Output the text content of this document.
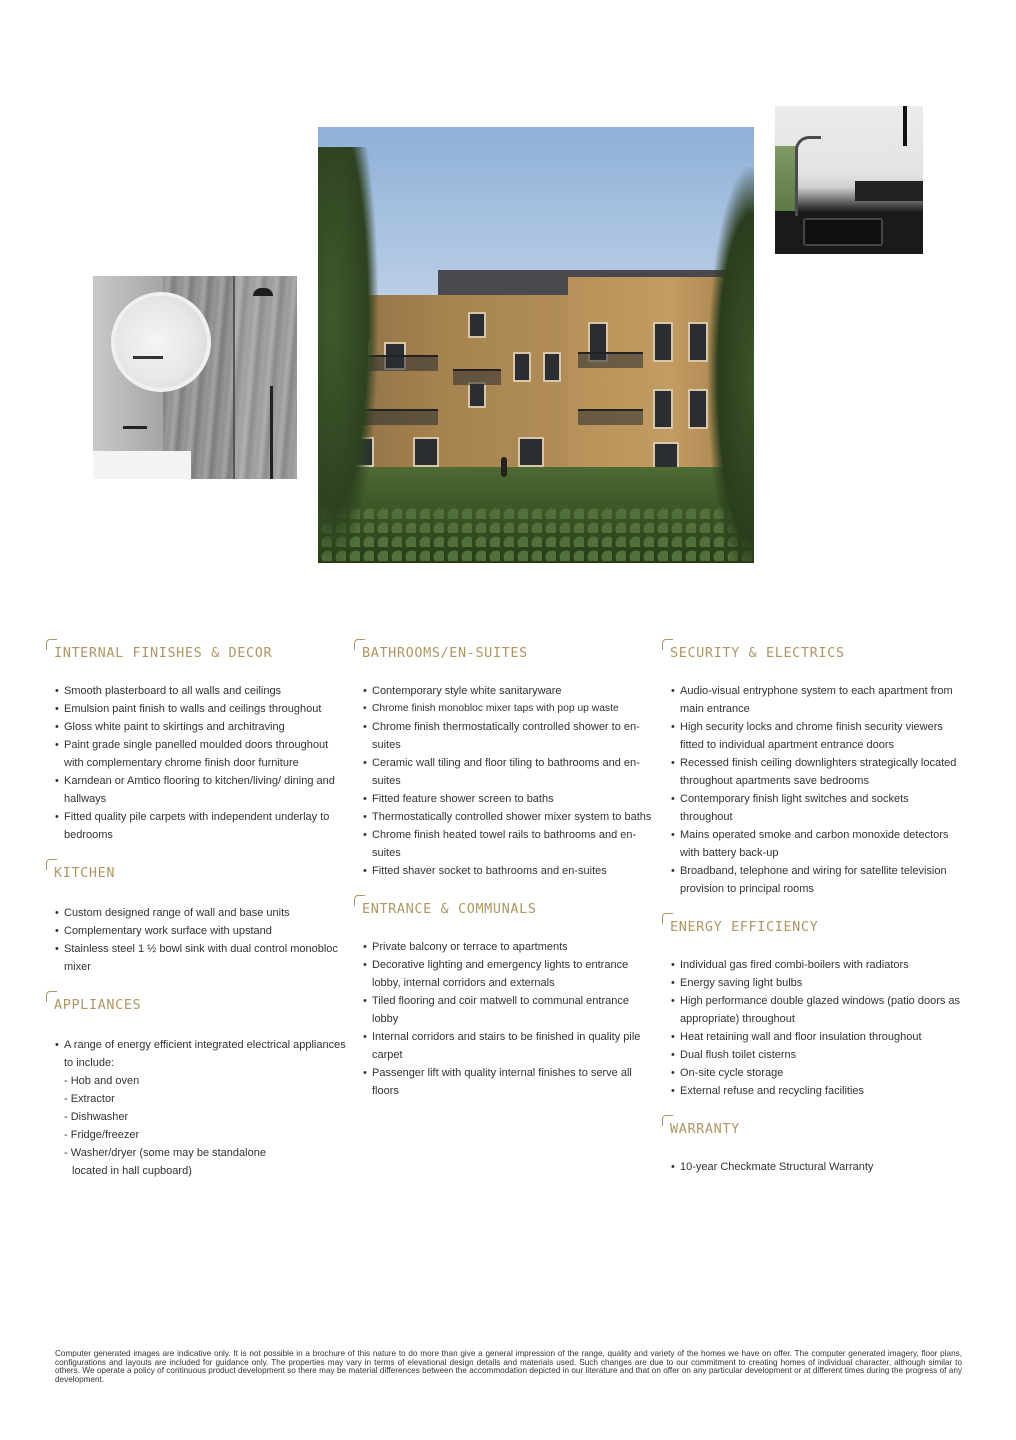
INTERNAL FINISHES & DECOR
• Smooth plasterboard to all walls and ceilings
• Emulsion paint finish to walls and ceilings throughout
• Gloss white paint to skirtings and architraving
• Paint grade single panelled moulded doors throughout with complementary chrome finish door furniture
• Karndean or Amtico flooring to kitchen/living/ dining and hallways
• Fitted quality pile carpets with independent underlay to bedrooms
KITCHEN
• Custom designed range of wall and base units
• Complementary work surface with upstand
• Stainless steel 1 ½ bowl sink with dual control monobloc mixer
APPLIANCES
• A range of energy efficient integrated electrical appliances to include:
- Hob and oven
- Extractor
- Dishwasher
- Fridge/freezer
- Washer/dryer (some may be standalone
located in hall cupboard)
BATHROOMS/EN-SUITES
• Contemporary style white sanitaryware
• Chrome finish monobloc mixer taps with pop up waste
• Chrome finish thermostatically controlled shower to en-suites
• Ceramic wall tiling and floor tiling to bathrooms and en-suites
• Fitted feature shower screen to baths
• Thermostatically controlled shower mixer system to baths
• Chrome finish heated towel rails to bathrooms and en-suites
• Fitted shaver socket to bathrooms and en-suites
ENTRANCE & COMMUNALS
• Private balcony or terrace to apartments
• Decorative lighting and emergency lights to entrance lobby, internal corridors and externals
• Tiled flooring and coir matwell to communal entrance lobby
• Internal corridors and stairs to be finished in quality pile carpet
• Passenger lift with quality internal finishes to serve all floors
SECURITY & ELECTRICS
• Audio-visual entryphone system to each apartment from main entrance
• High security locks and chrome finish security viewers fitted to individual apartment entrance doors
• Recessed finish ceiling downlighters strategically located throughout apartments save bedrooms
• Contemporary finish light switches and sockets throughout
• Mains operated smoke and carbon monoxide detectors with battery back-up
• Broadband, telephone and wiring for satellite television provision to principal rooms
ENERGY EFFICIENCY
• Individual gas fired combi-boilers with radiators
• Energy saving light bulbs
• High performance double glazed windows (patio doors as appropriate) throughout
• Heat retaining wall and floor insulation throughout
• Dual flush toilet cisterns
• On-site cycle storage
• External refuse and recycling facilities
WARRANTY
• 10-year Checkmate Structural Warranty

Computer generated images are indicative only. It is not possible in a brochure of this nature to do more than give a general impression of the range, quality and variety of the homes we have on offer. The computer generated imagery, floor plans, configurations and layouts are included for guidance only. The properties may vary in terms of elevational design details and materials used. Such changes are due to our commitment to creating homes of individual character, although similar to others. We operate a policy of continuous product development so there may be material differences between the accommodation depicted in our literature and that on offer on any particular development or at different times during the progress of any development.
